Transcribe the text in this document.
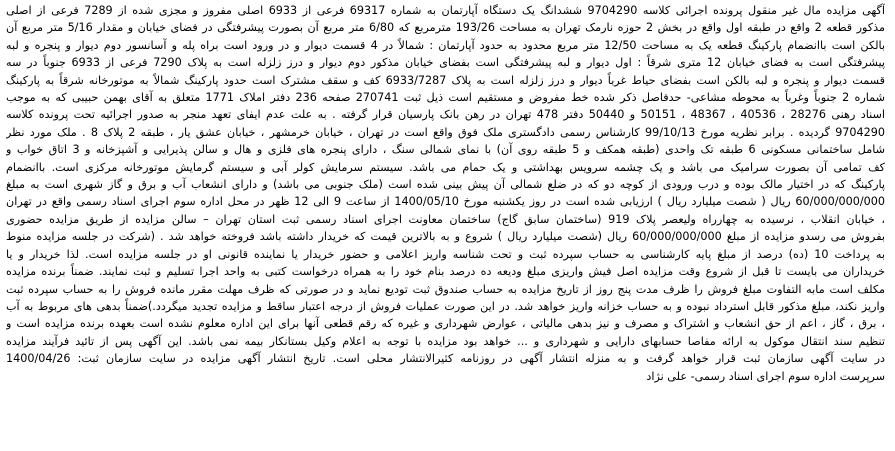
آگهی مزایده مال غیر منقول پرونده اجرائی کلاسه 9704290 ششدانگ یک دستگاه آپارتمان به شماره 69317 فرعی از 6933 اصلی مفروز و مجزی شده از 7289 فرعی از اصلی
مذکور قطعه 2 واقع در طبقه اول واقع در بخش 2 حوزه نارمک تهران به مساحت 193/26 مترمربع که 6/80 متر مربع آن بصورت پیشرفتگی در فضای خیابان و مقدار 5/16 متر مربع آن
بالکن است باانضمام پارکینگ قطعه یک به مساحت 12/50 متر مربع محدود به حدود آپارتمان : شمالاً در 4 قسمت دیوار و در ورود است براه پله و آسانسور دوم دیوار و پنجره و لبه
پیشرفتگی است به فضای خیابان 12 متری شرقاً : اول دیوار و لبه پیشرفتگی است بفضای خیابان مذکور دوم دیوار و درز زلزله است به پلاک 7290 فرعی از 6933 جنوباً در سه
قسمت دیوار و پنجره و لبه بالکن است بفضای حیاط غرباً دیوار و درز زلزله است به پلاک 6933/7287 کف و سقف مشترک است حدود پارکینگ شمالاً به موتورخانه شرقاً به پارکینگ
شماره 2 جنوباً وغرباً به محوطه مشاعی- حدفاصل ذکر شده خط مفروض و مستقیم است ذیل ثبت 270741 صفحه 236 دفتر املاک 1771 متعلق به آقای بهمن حبیبی که به موجب
اسناد رهنی 28276 ، 40536 ، 48367 ، 50151 و 50440 دفتر 478 تهران در رهن بانک پارسیان قرار گرفته . به علت عدم ایفای تعهد منجر به صدور اجرائیه تحت پرونده کلاسه
9704290 گردیده . برابر نظریه مورخ 99/10/13 کارشناس رسمی دادگستری ملک فوق واقع است در تهران ، خیابان خرمشهر ، خیابان عشق یار ، طبقه 2 پلاک 8 . ملک مورد نظر
شامل ساختمانی مسکونی 6 طبقه تک واحدی (طبقه همکف و 5 طبقه روی آن) با نمای شمالی سنگ ، دارای پنجره های فلزی و هال و سالن پذیرایی و آشپزخانه و 3 اتاق خواب و
کف تمامی آن بصورت سرامیک می باشد و یک چشمه سرویس بهداشتی و یک حمام می باشد. سیستم سرمایش کولر آبی و سیستم گرمایش موتورخانه مرکزی است. باانضمام
پارکینگ که در اختیار مالک بوده و درب ورودی از کوچه دو که در ضلع شمالی آن پیش بینی شده است (ملک جنوبی می باشد) و دارای انشعاب آب و برق و گاز شهری است به مبلغ
60/000/000/000 ریال ( شصت میلیارد ریال ) ارزیابی شده است در روز یکشنبه مورخ 1400/05/10 از ساعت 9 الی 12 ظهر در محل اداره سوم اجرای اسناد رسمی واقع در تهران
، خیابان انقلاب ، نرسیده به چهارراه ولیعصر پلاک 919 (ساختمان سابق گاج) ساختمان معاونت اجرای اسناد رسمی ثبت استان تهران – سالن مزایده از طریق مزایده حضوری
بفروش می رسدو مزایده از مبلغ 60/000/000/000 ریال (شصت میلیارد ریال ) شروع و به بالاترین قیمت که خریدار داشته باشد فروخته خواهد شد . (شرکت در جلسه مزایده منوط
به پرداخت 10 (ده) درصد از مبلغ پایه کارشناسی به حساب سپرده ثبت و تحت شناسه واریز اعلامی و حضور خریدار یا نماینده قانونی او در جلسه مزایده است. لذا خریدار و یا
خریداران می بایست تا قبل از شروع وقت مزایده اصل فیش واریزی مبلغ ودیعه ده درصد بنام خود را به همراه درخواست کتبی به واحد اجرا تسلیم و ثبت نمایند. ضمناً برنده مزایده
مکلف است مابه التفاوت مبلغ فروش را ظرف مدت پنج روز از تاریخ مزایده به حساب صندوق ثبت تودیع نماید و در صورتی که ظرف مهلت مقرر مانده فروش را به حساب سپرده ثبت
واریز نکند، مبلغ مذکور قابل استرداد نبوده و به حساب خزانه واریز خواهد شد. در این صورت عملیات فروش از درجه اعتبار ساقط و مزایده تجدید میگردد.)ضمناً بدهی های مربوط به آب
، برق ، گاز ، اعم از حق انشعاب و اشتراک و مصرف و نیز بدهی مالیاتی ، عوارض شهرداری و غیره که رقم قطعی آنها برای این اداره معلوم نشده است بعهده برنده مزایده است و
تنظیم سند انتقال موکول به ارائه مفاصا حسابهای دارایی و شهرداری و ... خواهد بود مزایده با توجه به اعلام وکیل بستانکار بیمه نمی باشد. این آگهی پس از تائید فرآیند مزایده
در سایت آگهی سازمان ثبت قرار خواهد گرفت و به منزله انتشار آگهی در روزنامه کثیرالانتشار محلی است. تاریخ انتشار آگهی مزایده در سایت سازمان ثبت: 1400/04/26
سرپرست اداره سوم اجرای اسناد رسمی- علی نژاد
